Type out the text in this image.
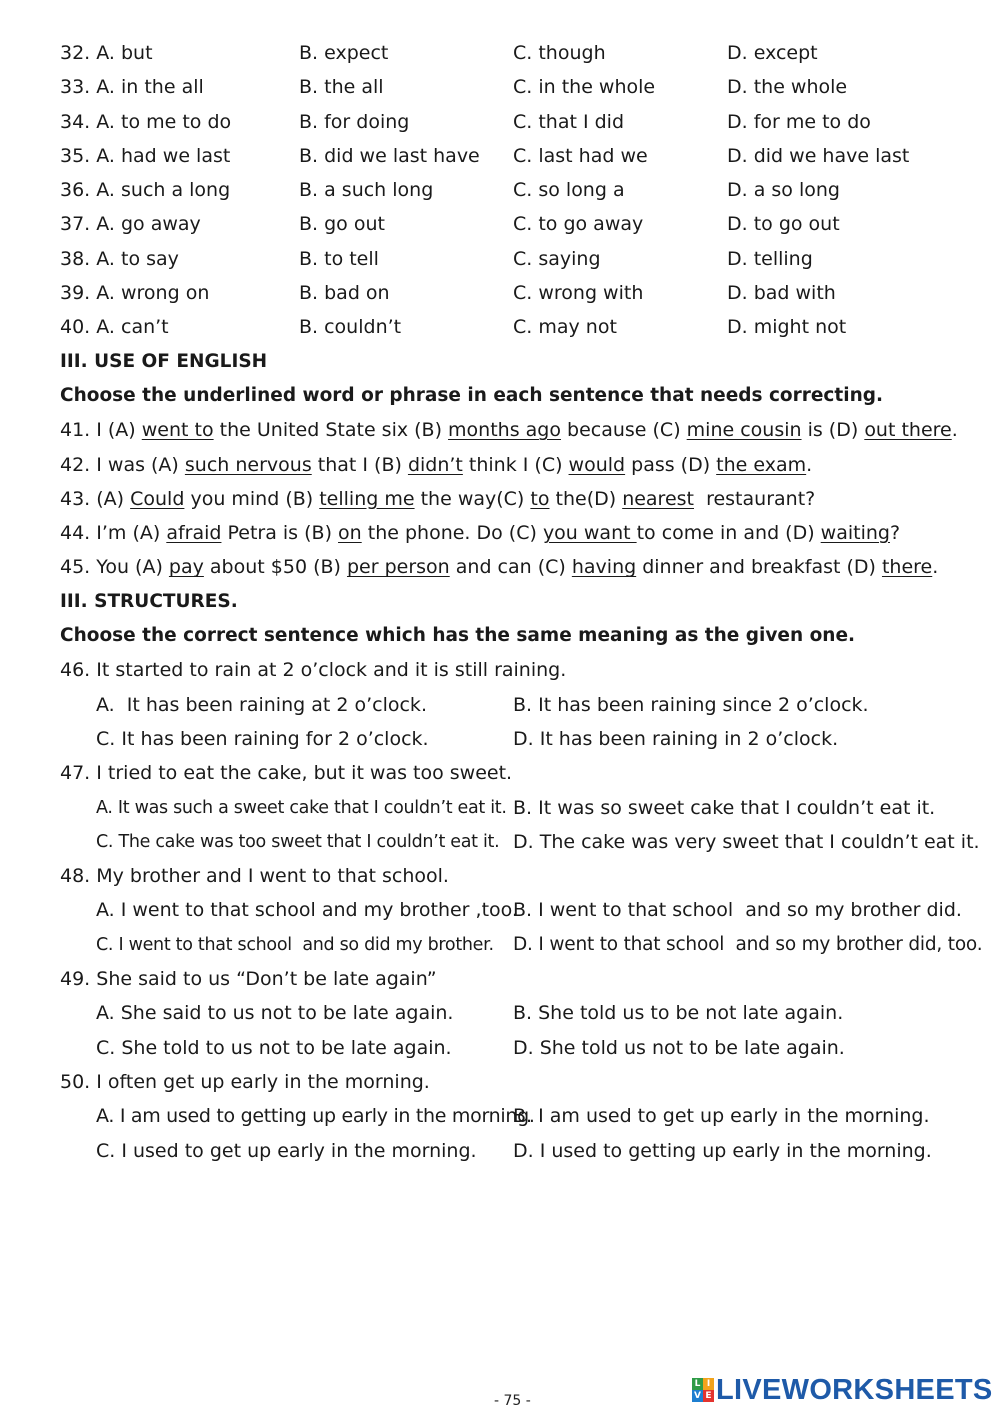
32. A. but	B. expect	C. though	D. except
33. A. in the all	B. the all	C. in the whole	D. the whole
34. A. to me to do	B. for doing	C. that I did	D. for me to do
35. A. had we last	B. did we last have C. last had we	D. did we have last
36. A. such a long	B. a such long	C. so long a	D. a so long
37. A. go away	B. go out	C. to go away	D. to go out
38. A. to say	B. to tell	C. saying	D. telling
39. A. wrong on	B. bad on	C. wrong with	D. bad with
40. A. can’t	B. couldn’t	C. may not	D. might not
III. USE OF ENGLISH
Choose the underlined word or phrase in each sentence that needs correcting.
41. I (A) went to the United State six (B) months ago because (C) mine cousin is (D) out there.
42. I was (A) such nervous that I (B) didn’t think I (C) would pass (D) the exam.
43. (A) Could you mind (B) telling me the way(C) to the(D) nearest  restaurant?
44. I’m (A) afraid Petra is (B) on the phone. Do (C) you want to come in and (D) waiting?
45. You (A) pay about $50 (B) per person and can (C) having dinner and breakfast (D) there.
III. STRUCTURES.
Choose the correct sentence which has the same meaning as the given one.
46. It started to rain at 2 o’clock and it is still raining.
A.  It has been raining at 2 o’clock.	B. It has been raining since 2 o’clock.
C. It has been raining for 2 o’clock.	D. It has been raining in 2 o’clock.
47. I tried to eat the cake, but it was too sweet.
A. It was such a sweet cake that I couldn’t eat it. B. It was so sweet cake that I couldn’t eat it.
C. The cake was too sweet that I couldn’t eat it. D. The cake was very sweet that I couldn’t eat it.
48. My brother and I went to that school.
A. I went to that school and my brother ,too.
B. I went to that school  and so my brother did.
C. I went to that school  and so did my brother. D. I went to that school  and so my brother did, too.
49. She said to us “Don’t be late again”
A. She said to us not to be late again.	B. She told us to be not late again.
C. She told to us not to be late again.	D. She told us not to be late again.
50. I often get up early in the morning.
A. I am used to getting up early in the morning.
B. I am used to get up early in the morning.
C. I used to get up early in the morning. D. I used to getting up early in the morning.
- 75 -
L I
V E LIVEWORKSHEETS
